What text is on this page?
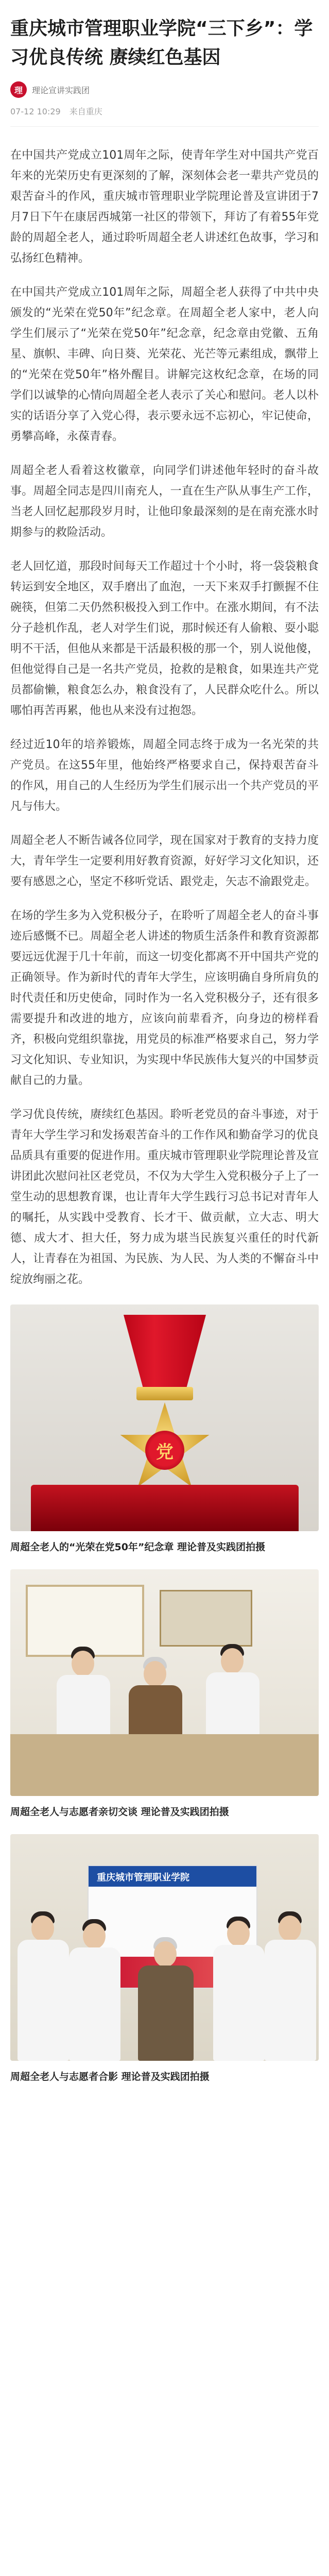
重庆城市管理职业学院“三下乡”：学习优良传统 赓续红色基因
理	理论宣讲实践团
07-12 10:29 来自重庆

在中国共产党成立101周年之际，使青年学生对中国共产党百年来的光荣历史有更深刻的了解，深刻体会老一辈共产党员的艰苦奋斗的作风，重庆城市管理职业学院理论普及宣讲团于7月7日下午在康居西城第一社区的带领下，拜访了有着55年党龄的周超全老人，通过聆听周超全老人讲述红色故事，学习和弘扬红色精神。

在中国共产党成立101周年之际，周超全老人获得了中共中央颁发的“光荣在党50年”纪念章。在周超全老人家中，老人向学生们展示了“光荣在党50年”纪念章，纪念章由党徽、五角星、旗帜、丰碑、向日葵、光荣花、光芒等元素组成，飘带上的“光荣在党50年”格外醒目。讲解完这枚纪念章，在场的同学们以诚挚的心情向周超全老人表示了关心和慰问。老人以朴实的话语分享了入党心得，表示要永远不忘初心，牢记使命，勇攀高峰，永葆青春。

周超全老人看着这枚徽章，向同学们讲述他年轻时的奋斗故事。周超全同志是四川南充人，一直在生产队从事生产工作，当老人回忆起那段岁月时，让他印象最深刻的是在南充涨水时期参与的救险活动。

老人回忆道，那段时间每天工作超过十个小时，将一袋袋粮食转运到安全地区，双手磨出了血泡，一天下来双手打颤握不住碗筷，但第二天仍然积极投入到工作中。在涨水期间，有不法分子趁机作乱，老人对学生们说，那时候还有人偷粮、耍小聪明不干活，但他从来都是干活最积极的那一个，别人说他傻，但他觉得自己是一名共产党员，抢救的是粮食，如果连共产党员都偷懒，粮食怎么办，粮食没有了，人民群众吃什么。所以哪怕再苦再累，他也从来没有过抱怨。

经过近10年的培养锻炼，周超全同志终于成为一名光荣的共产党员。在这55年里，他始终严格要求自己，保持艰苦奋斗的作风，用自己的人生经历为学生们展示出一个共产党员的平凡与伟大。

周超全老人不断告诫各位同学，现在国家对于教育的支持力度大，青年学生一定要利用好教育资源，好好学习文化知识，还要有感恩之心，坚定不移听党话、跟党走，矢志不渝跟党走。

在场的学生多为入党积极分子，在聆听了周超全老人的奋斗事迹后感慨不已。周超全老人讲述的物质生活条件和教育资源都要远远优渥于几十年前，而这一切变化都离不开中国共产党的正确领导。作为新时代的青年大学生，应该明确自身所肩负的时代责任和历史使命，同时作为一名入党积极分子，还有很多需要提升和改进的地方，应该向前辈看齐，向身边的榜样看齐，积极向党组织靠拢，用党员的标准严格要求自己，努力学习文化知识、专业知识，为实现中华民族伟大复兴的中国梦贡献自己的力量。

学习优良传统，赓续红色基因。聆听老党员的奋斗事迹，对于青年大学生学习和发扬艰苦奋斗的工作作风和勤奋学习的优良品质具有重要的促进作用。重庆城市管理职业学院理论普及宣讲团此次慰问社区老党员，不仅为大学生入党积极分子上了一堂生动的思想教育课，也让青年大学生践行习总书记对青年人的嘱托，从实践中受教育、长才干、做贡献，立大志、明大德、成大才、担大任，努力成为堪当民族复兴重任的时代新人，让青春在为祖国、为民族、为人民、为人类的不懈奋斗中绽放绚丽之花。

党
周超全老人的“光荣在党50年”纪念章 理论普及实践团拍摄
周超全老人与志愿者亲切交谈 理论普及实践团拍摄
重庆城市管理职业学院
周超全老人与志愿者合影 理论普及实践团拍摄
